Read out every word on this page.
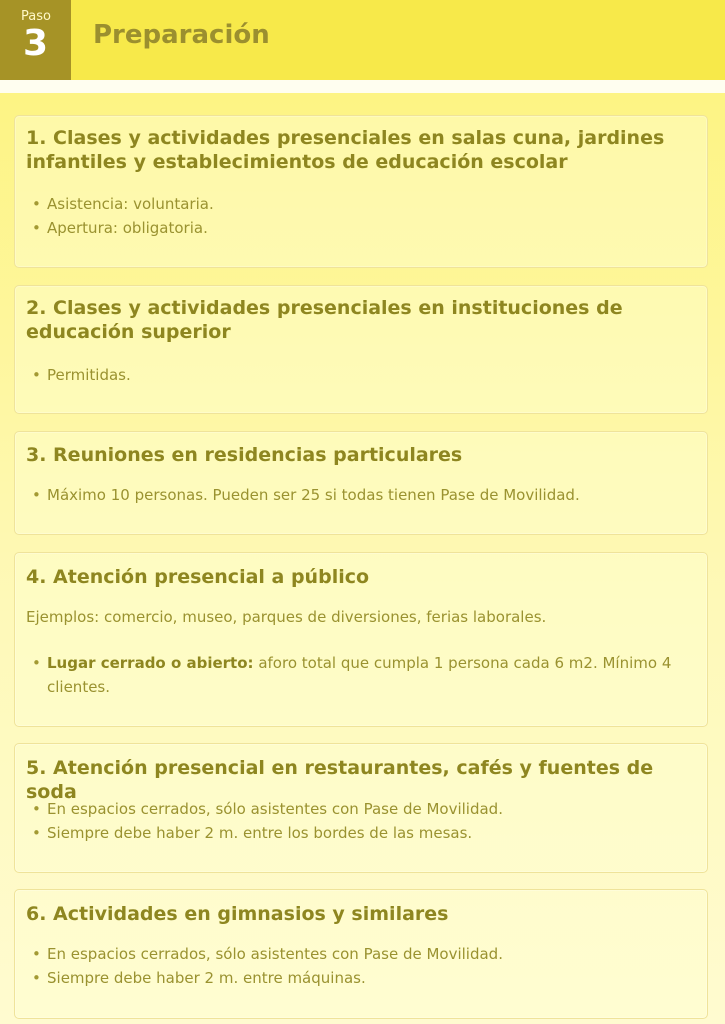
Paso
3 Preparación
1. Clases y actividades presenciales en salas cuna, jardines infantiles y establecimientos de educación escolar
• Asistencia: voluntaria.
• Apertura: obligatoria.
2. Clases y actividades presenciales en instituciones de educación superior
• Permitidas.
3. Reuniones en residencias particulares
• Máximo 10 personas. Pueden ser 25 si todas tienen Pase de Movilidad.
4. Atención presencial a público
Ejemplos: comercio, museo, parques de diversiones, ferias laborales.
• Lugar cerrado o abierto: aforo total que cumpla 1 persona cada 6 m2. Mínimo 4 clientes.
5. Atención presencial en restaurantes, cafés y fuentes de soda
• En espacios cerrados, sólo asistentes con Pase de Movilidad.
• Siempre debe haber 2 m. entre los bordes de las mesas.
6. Actividades en gimnasios y similares
• En espacios cerrados, sólo asistentes con Pase de Movilidad.
• Siempre debe haber 2 m. entre máquinas.
